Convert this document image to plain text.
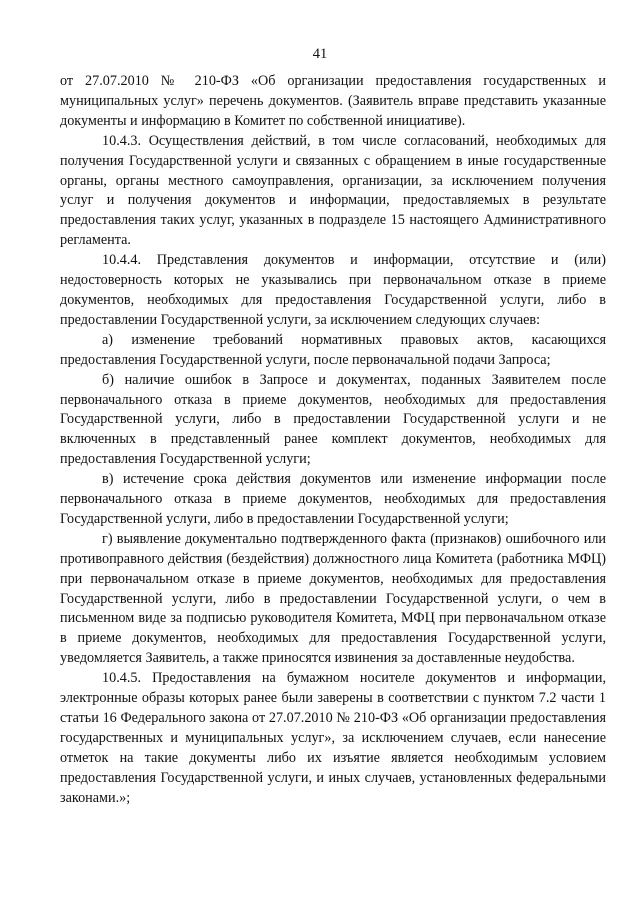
41

от 27.07.2010 № 210-ФЗ «Об организации предоставления государственных и муниципальных услуг» перечень документов. (Заявитель вправе представить указанные документы и информацию в Комитет по собственной инициативе).

10.4.3. Осуществления действий, в том числе согласований, необходимых для получения Государственной услуги и связанных с обращением в иные государственные органы, органы местного самоуправления, организации, за исключением получения услуг и получения документов и информации, предоставляемых в результате предоставления таких услуг, указанных в подразделе 15 настоящего Административного регламента.

10.4.4. Представления документов и информации, отсутствие и (или) недостоверность которых не указывались при первоначальном отказе в приеме документов, необходимых для предоставления Государственной услуги, либо в предоставлении Государственной услуги, за исключением следующих случаев:

а) изменение требований нормативных правовых актов, касающихся предоставления Государственной услуги, после первоначальной подачи Запроса;

б) наличие ошибок в Запросе и документах, поданных Заявителем после первоначального отказа в приеме документов, необходимых для предоставления Государственной услуги, либо в предоставлении Государственной услуги и не включенных в представленный ранее комплект документов, необходимых для предоставления Государственной услуги;

в) истечение срока действия документов или изменение информации после первоначального отказа в приеме документов, необходимых для предоставления Государственной услуги, либо в предоставлении Государственной услуги;

г) выявление документально подтвержденного факта (признаков) ошибочного или противоправного действия (бездействия) должностного лица Комитета (работника МФЦ) при первоначальном отказе в приеме документов, необходимых для предоставления Государственной услуги, либо в предоставлении Государственной услуги, о чем в письменном виде за подписью руководителя Комитета, МФЦ при первоначальном отказе в приеме документов, необходимых для предоставления Государственной услуги, уведомляется Заявитель, а также приносятся извинения за доставленные неудобства.

10.4.5. Предоставления на бумажном носителе документов и информации, электронные образы которых ранее были заверены в соответствии с пунктом 7.2 части 1 статьи 16 Федерального закона от 27.07.2010 № 210-ФЗ «Об организации предоставления государственных и муниципальных услуг», за исключением случаев, если нанесение отметок на такие документы либо их изъятие является необходимым условием предоставления Государственной услуги, и иных случаев, установленных федеральными законами.»;
